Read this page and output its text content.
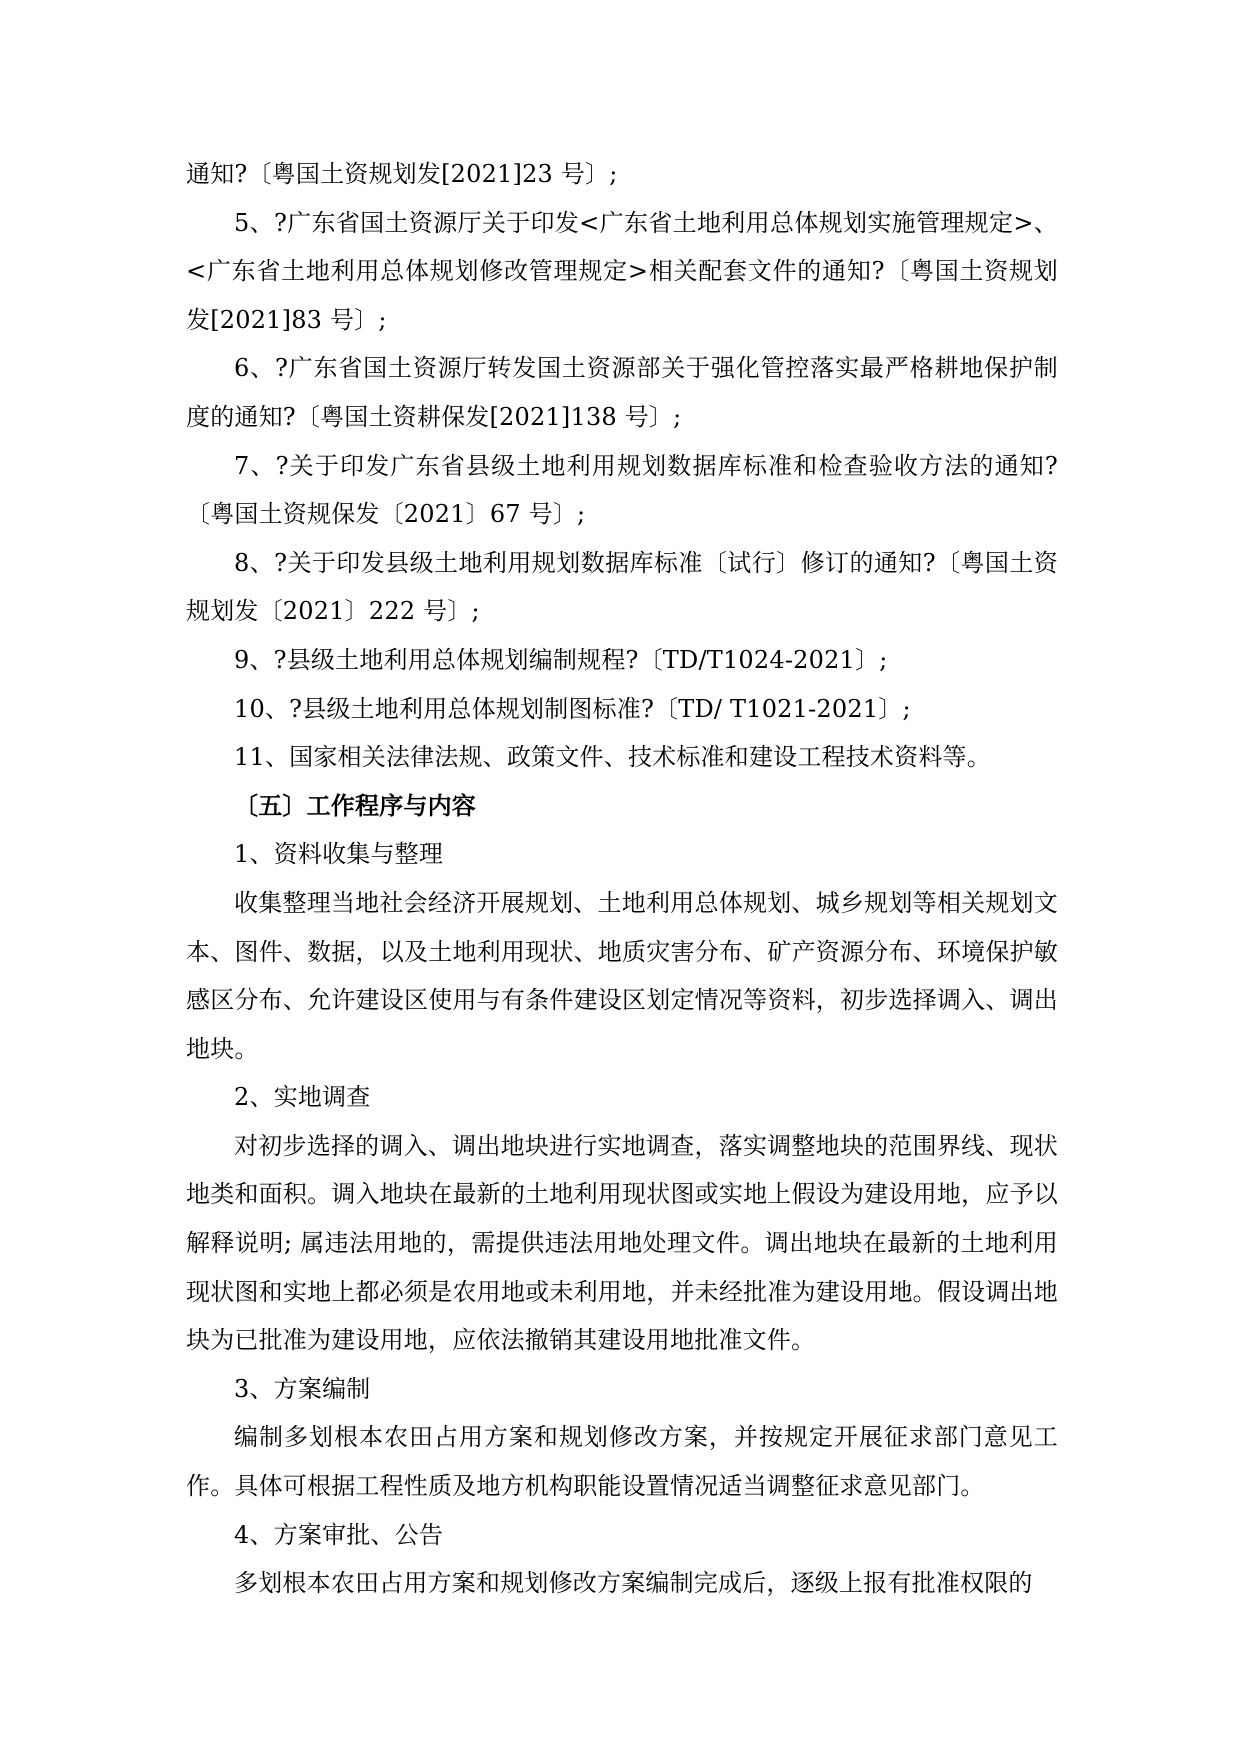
通知?〔粤国土资规划发[2021]23 号〕;

5、?广东省国土资源厅关于印发<广东省土地利用总体规划实施管理规定>、<广东省土地利用总体规划修改管理规定>相关配套文件的通知?〔粤国土资规划发[2021]83 号〕;

6、?广东省国土资源厅转发国土资源部关于强化管控落实最严格耕地保护制度的通知?〔粤国土资耕保发[2021]138 号〕;

7、?关于印发广东省县级土地利用规划数据库标准和检查验收方法的通知?〔粤国土资规保发〔2021〕67 号〕;

8、?关于印发县级土地利用规划数据库标准〔试行〕修订的通知?〔粤国土资规划发〔2021〕222 号〕;

9、?县级土地利用总体规划编制规程?〔TD/T1024-2021〕;

10、?县级土地利用总体规划制图标准?〔TD/ T1021-2021〕;

11、国家相关法律法规、政策文件、技术标准和建设工程技术资料等。

〔五〕工作程序与内容

1、资料收集与整理

收集整理当地社会经济开展规划、土地利用总体规划、城乡规划等相关规划文本、图件、数据，以及土地利用现状、地质灾害分布、矿产资源分布、环境保护敏感区分布、允许建设区使用与有条件建设区划定情况等资料，初步选择调入、调出地块。

2、实地调查

对初步选择的调入、调出地块进行实地调查，落实调整地块的范围界线、现状地类和面积。调入地块在最新的土地利用现状图或实地上假设为建设用地，应予以解释说明; 属违法用地的，需提供违法用地处理文件。调出地块在最新的土地利用现状图和实地上都必须是农用地或未利用地，并未经批准为建设用地。假设调出地块为已批准为建设用地，应依法撤销其建设用地批准文件。

3、方案编制

编制多划根本农田占用方案和规划修改方案，并按规定开展征求部门意见工作。具体可根据工程性质及地方机构职能设置情况适当调整征求意见部门。

4、方案审批、公告

多划根本农田占用方案和规划修改方案编制完成后，逐级上报有批准权限的
